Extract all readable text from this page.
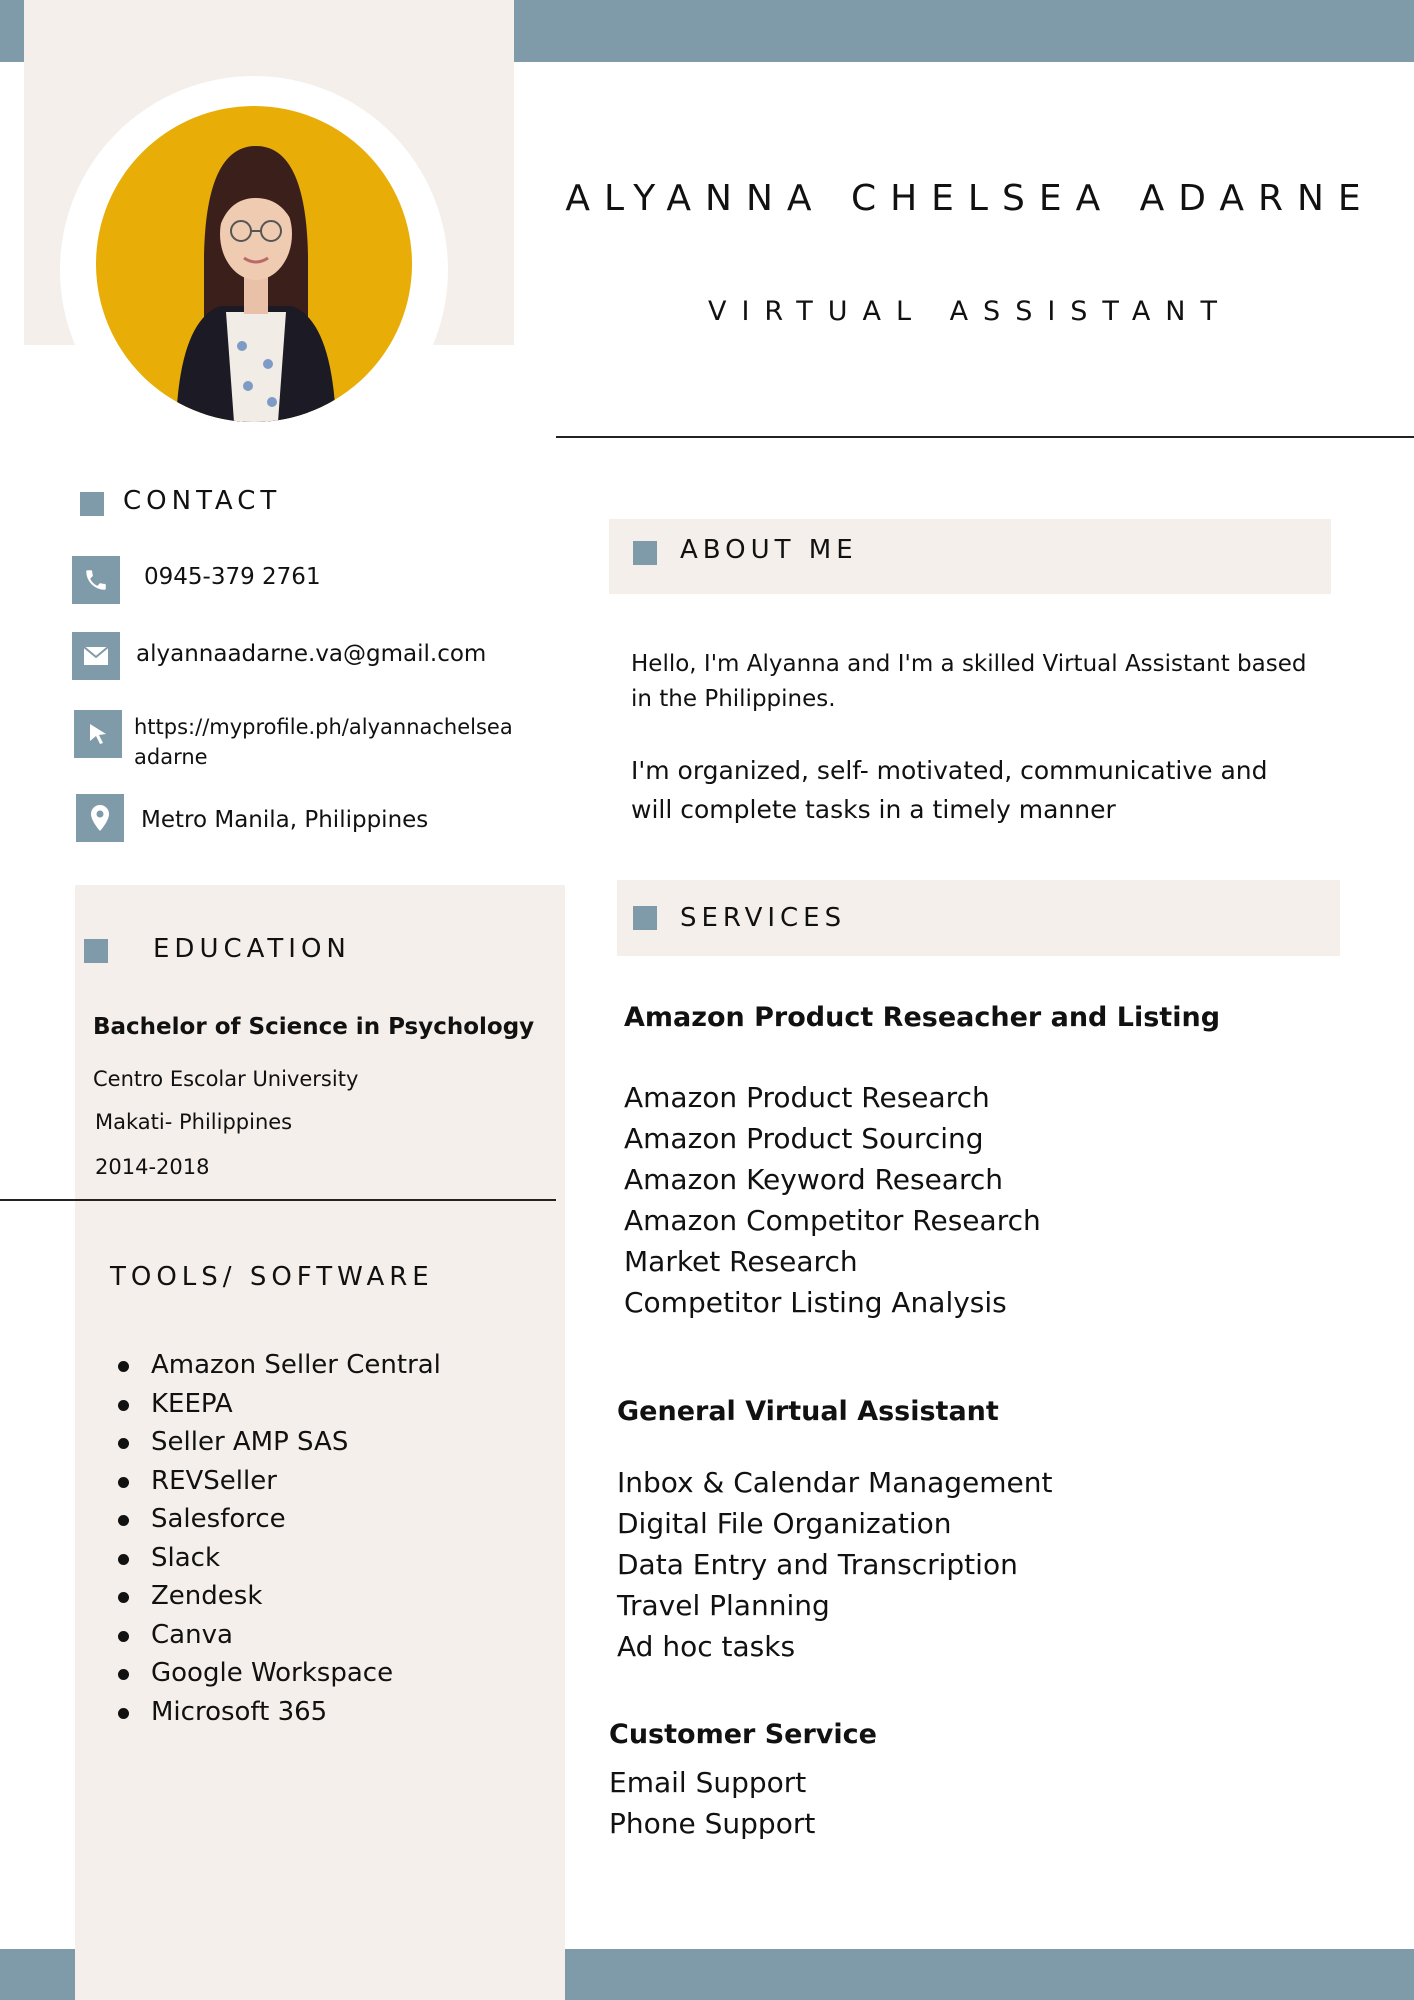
ALYANNA CHELSEA ADARNE
VIRTUAL ASSISTANT
CONTACT
0945-379 2761
alyannaadarne.va@gmail.com
https://myprofile.ph/alyannachelsea
adarne
Metro Manila, Philippines
EDUCATION
Bachelor of Science in Psychology
Centro Escolar University
Makati- Philippines
2014-2018
TOOLS/ SOFTWARE
Amazon Seller Central
KEEPA
Seller AMP SAS
REVSeller
Salesforce
Slack
Zendesk
Canva
Google Workspace
Microsoft 365
ABOUT ME
Hello, I'm Alyanna and I'm a skilled Virtual Assistant based
in the Philippines.
I'm organized, self- motivated, communicative and
will complete tasks in a timely manner
SERVICES
Amazon Product Reseacher and Listing
Amazon Product Research
Amazon Product Sourcing
Amazon Keyword Research
Amazon Competitor Research
Market Research
Competitor Listing Analysis
General Virtual Assistant
Inbox & Calendar Management
Digital File Organization
Data Entry and Transcription
Travel Planning
Ad hoc tasks
Customer Service
Email Support
Phone Support
